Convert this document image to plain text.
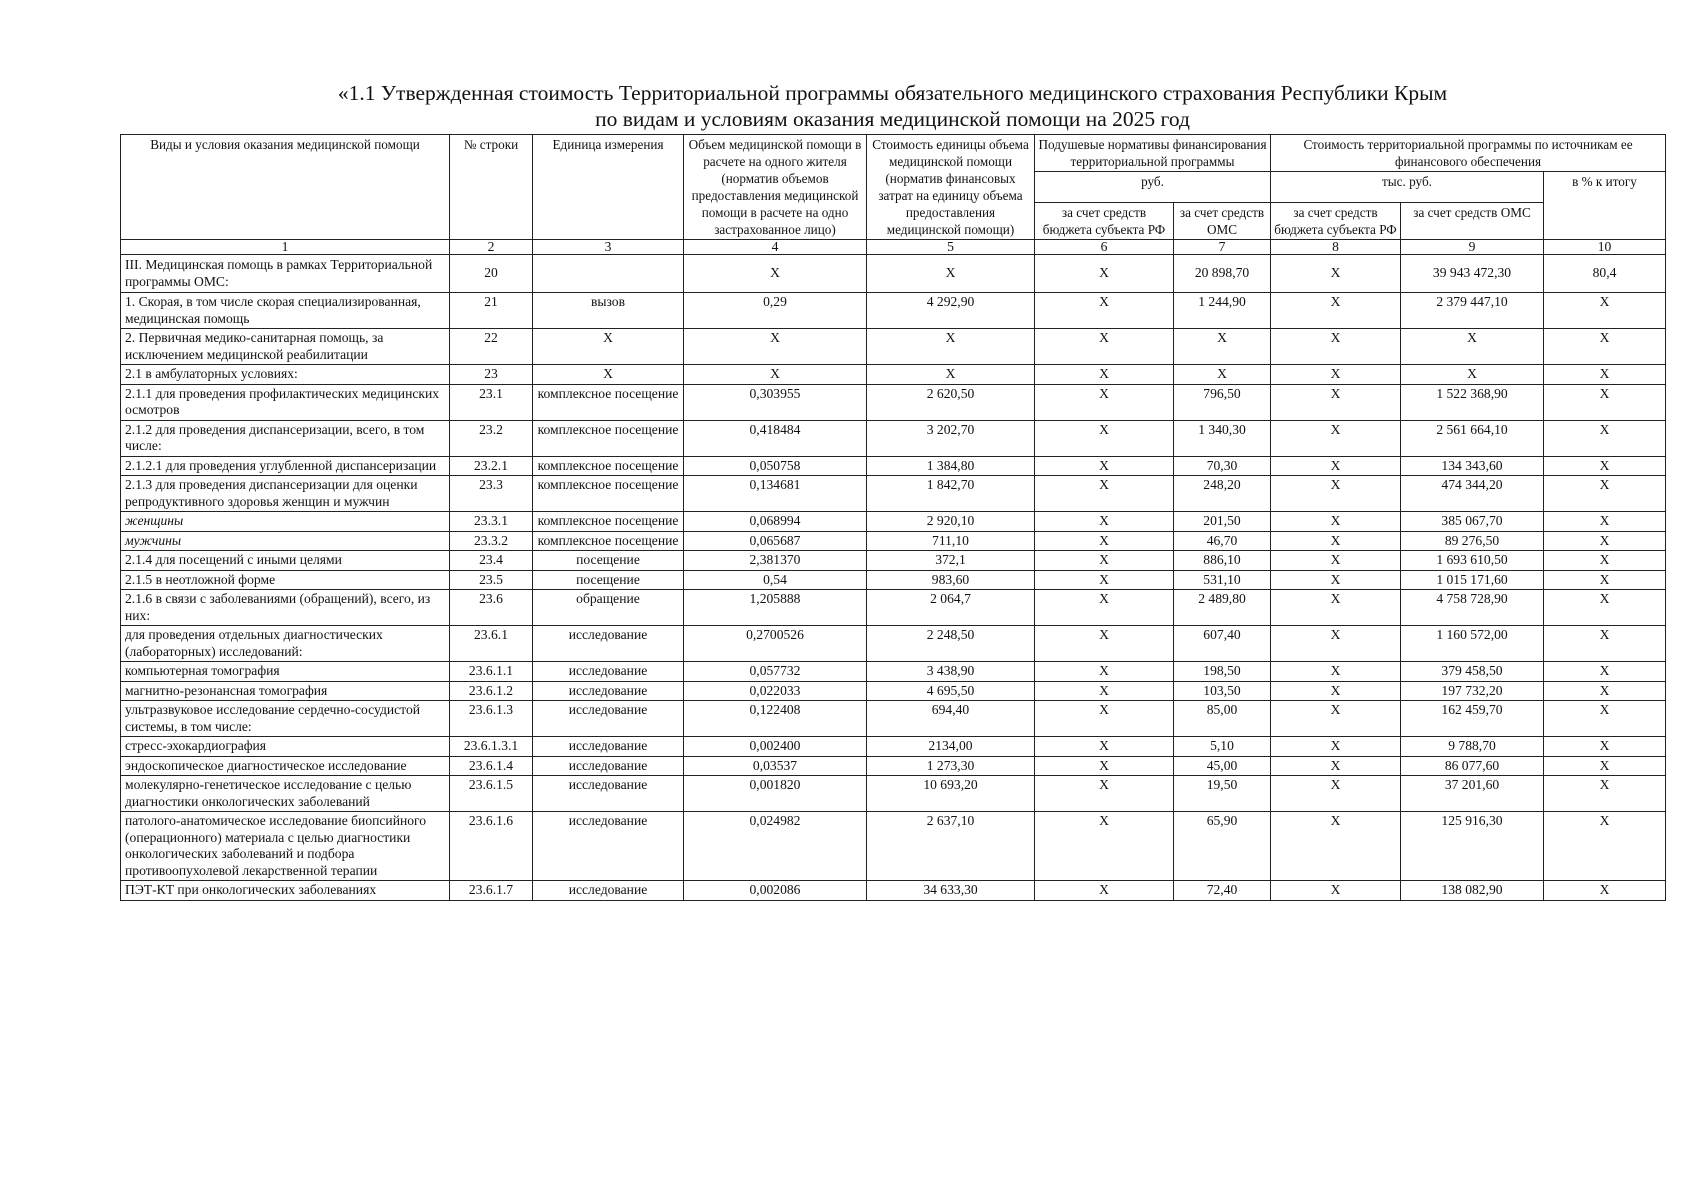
«1.1 Утвержденная стоимость Территориальной программы обязательного медицинского страхования Республики Крым
по видам и условиям оказания медицинской помощи на 2025 год
Виды и условия оказания медицинской помощи	№ строки	Единица измерения	Объем медицинской помощи в расчете на одного жителя (норматив объемов предоставления медицинской помощи в расчете на одно застрахованное лицо)	Стоимость единицы объема медицинской помощи (норматив финансовых затрат на единицу объема предоставления медицинской помощи)	Подушевые нормативы финансирования территориальной программы		Стоимость территориальной программы по источникам ее финансового обеспечения		
					руб.		тыс. руб.		в % к итогу
					за счет средств бюджета субъекта РФ	за счет средств ОМС	за счет средств бюджета субъекта РФ	за счет средств ОМС	
1	2	3	4	5	6	7	8	9	10
III. Медицинская помощь в рамках Территориальной программы ОМС:	20		X	X	X	20 898,70	X	39 943 472,30	80,4
1. Скорая, в том числе скорая специализированная, медицинская помощь	21	вызов	0,29	4 292,90	X	1 244,90	X	2 379 447,10	X
2. Первичная медико-санитарная помощь, за исключением медицинской реабилитации	22	X	X	X	X	X	X	X	X
2.1 в амбулаторных условиях:	23	X	X	X	X	X	X	X	X
2.1.1 для проведения профилактических медицинских осмотров	23.1	комплексное посещение	0,303955	2 620,50	X	796,50	X	1 522 368,90	X
2.1.2 для проведения диспансеризации, всего, в том числе:	23.2	комплексное посещение	0,418484	3 202,70	X	1 340,30	X	2 561 664,10	X
2.1.2.1 для проведения углубленной диспансеризации	23.2.1	комплексное посещение	0,050758	1 384,80	X	70,30	X	134 343,60	X
2.1.3 для проведения диспансеризации для оценки репродуктивного здоровья женщин и мужчин	23.3	комплексное посещение	0,134681	1 842,70	X	248,20	X	474 344,20	X
женщины	23.3.1	комплексное посещение	0,068994	2 920,10	X	201,50	X	385 067,70	X
мужчины	23.3.2	комплексное посещение	0,065687	711,10	X	46,70	X	89 276,50	X
2.1.4 для посещений с иными целями	23.4	посещение	2,381370	372,1	X	886,10	X	1 693 610,50	X
2.1.5 в неотложной форме	23.5	посещение	0,54	983,60	X	531,10	X	1 015 171,60	X
2.1.6 в связи с заболеваниями (обращений), всего, из них:	23.6	обращение	1,205888	2 064,7	X	2 489,80	X	4 758 728,90	X
для проведения отдельных диагностических (лабораторных) исследований:	23.6.1	исследование	0,2700526	2 248,50	X	607,40	X	1 160 572,00	X
компьютерная томография	23.6.1.1	исследование	0,057732	3 438,90	X	198,50	X	379 458,50	X
магнитно-резонансная томография	23.6.1.2	исследование	0,022033	4 695,50	X	103,50	X	197 732,20	X
ультразвуковое исследование сердечно-сосудистой системы, в том числе:	23.6.1.3	исследование	0,122408	694,40	X	85,00	X	162 459,70	X
стресс-эхокардиография	23.6.1.3.1	исследование	0,002400	2134,00	X	5,10	X	9 788,70	X
эндоскопическое диагностическое исследование	23.6.1.4	исследование	0,03537	1 273,30	X	45,00	X	86 077,60	X
молекулярно-генетическое исследование с целью диагностики онкологических заболеваний	23.6.1.5	исследование	0,001820	10 693,20	X	19,50	X	37 201,60	X
патолого-анатомическое исследование биопсийного (операционного) материала с целью диагностики онкологических заболеваний и подбора противоопухолевой лекарственной терапии	23.6.1.6	исследование	0,024982	2 637,10	X	65,90	X	125 916,30	X
ПЭТ-КТ при онкологических заболеваниях	23.6.1.7	исследование	0,002086	34 633,30	X	72,40	X	138 082,90	X
